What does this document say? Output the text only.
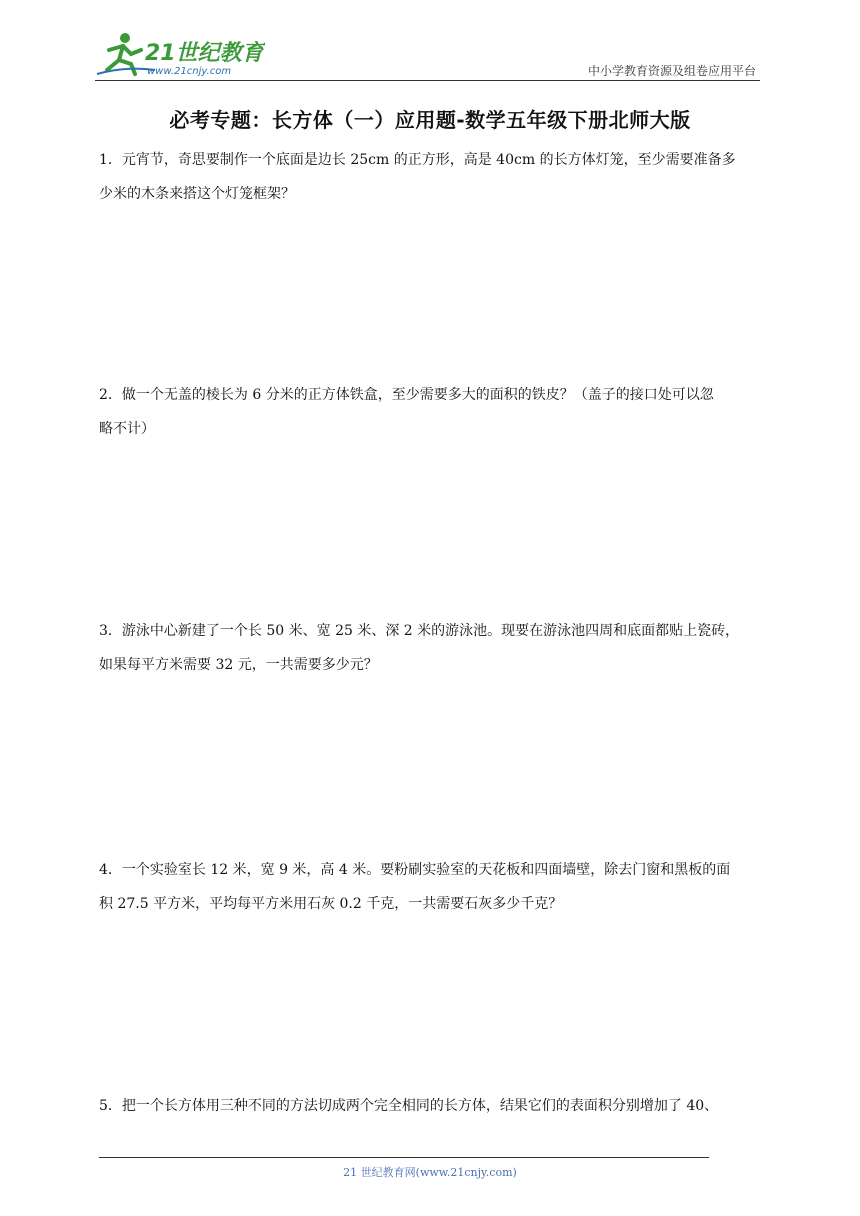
21世纪教育
www.21cnjy.com	中小学教育资源及组卷应用平台
必考专题：长方体（一）应用题-数学五年级下册北师大版
1．元宵节，奇思要制作一个底面是边长 25cm 的正方形，高是 40cm 的长方体灯笼，至少需要准备多
少米的木条来搭这个灯笼框架？
2．做一个无盖的棱长为 6 分米的正方体铁盒，至少需要多大的面积的铁皮？（盖子的接口处可以忽
略不计）
3．游泳中心新建了一个长 50 米、宽 25 米、深 2 米的游泳池。现要在游泳池四周和底面都贴上瓷砖，
如果每平方米需要 32 元，一共需要多少元？
4．一个实验室长 12 米，宽 9 米，高 4 米。要粉刷实验室的天花板和四面墙壁，除去门窗和黑板的面
积 27.5 平方米，平均每平方米用石灰 0.2 千克，一共需要石灰多少千克？
5．把一个长方体用三种不同的方法切成两个完全相同的长方体，结果它们的表面积分别增加了 40、
21 世纪教育网(www.21cnjy.com)
